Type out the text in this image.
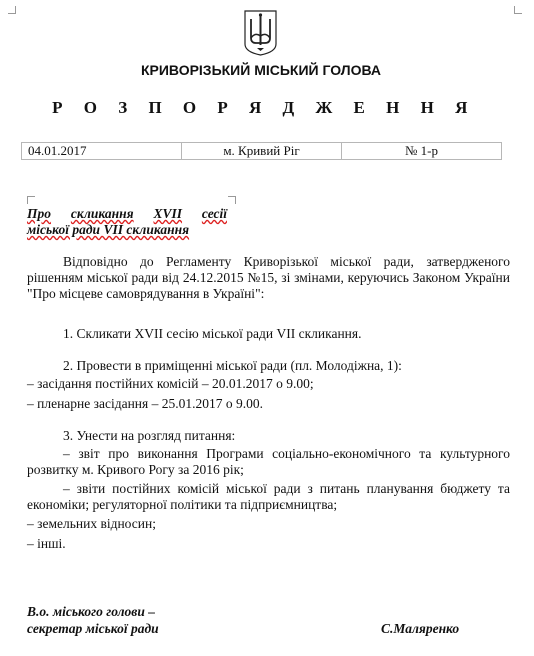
КРИВОРІЗЬКИЙ МІСЬКИЙ ГОЛОВА
Р О З П О Р Я Д Ж Е Н Н Я
04.01.2017	м. Кривий Ріг	№ 1-р
Про скликання XVII сесії
міської ради VII скликання
Відповідно до Регламенту Криворізької міської ради, затвердженого рішенням міської ради від 24.12.2015 №15, зі змінами, керуючись Законом України "Про місцеве самоврядування в Україні":
1. Скликати XVII сесію міської ради VII скликання.
2. Провести в приміщенні міської ради (пл. Молодіжна, 1):
– засідання постійних комісій – 20.01.2017 о 9.00;
– пленарне засідання – 25.01.2017 о 9.00.
3. Унести на розгляд питання:
– звіт про виконання Програми соціально-економічного та культурного розвитку м. Кривого Рогу за 2016 рік;
– звіти постійних комісій міської ради з питань планування бюджету та економіки; регуляторної політики та підприємництва;
– земельних відносин;
– інші.
В.о. міського голови –
секретар міської ради	С.Маляренко
